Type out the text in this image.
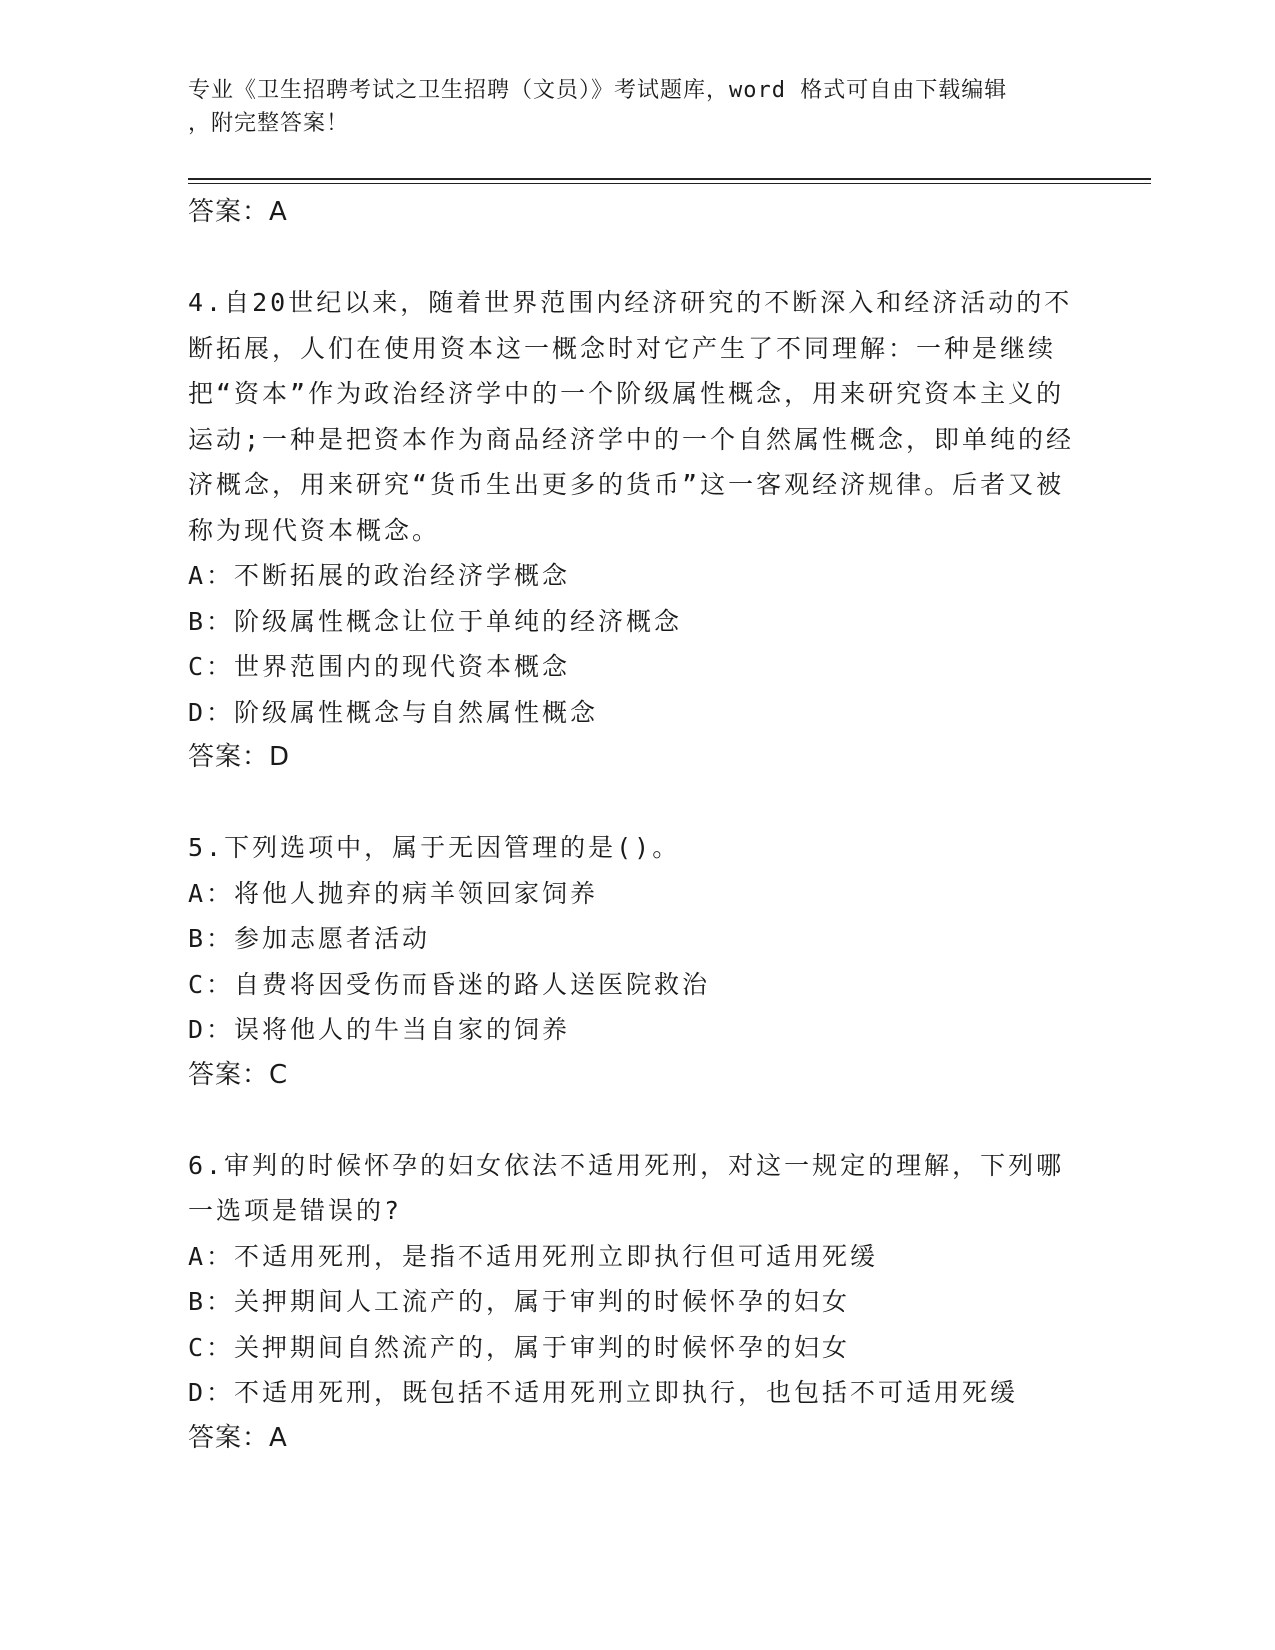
专业《卫生招聘考试之卫生招聘（文员）》考试题库，word 格式可自由下载编辑
，附完整答案！
答案：A
4.自20世纪以来，随着世界范围内经济研究的不断深入和经济活动的不断拓展，人们在使用资本这一概念时对它产生了不同理解：一种是继续把“资本”作为政治经济学中的一个阶级属性概念，用来研究资本主义的运动;一种是把资本作为商品经济学中的一个自然属性概念，即单纯的经济概念，用来研究“货币生出更多的货币”这一客观经济规律。后者又被称为现代资本概念。
A：不断拓展的政治经济学概念
B：阶级属性概念让位于单纯的经济概念
C：世界范围内的现代资本概念
D：阶级属性概念与自然属性概念
答案：D
5.下列选项中，属于无因管理的是()。
A：将他人抛弃的病羊领回家饲养
B：参加志愿者活动
C：自费将因受伤而昏迷的路人送医院救治
D：误将他人的牛当自家的饲养
答案：C
6.审判的时候怀孕的妇女依法不适用死刑，对这一规定的理解，下列哪一选项是错误的?
A：不适用死刑，是指不适用死刑立即执行但可适用死缓
B：关押期间人工流产的，属于审判的时候怀孕的妇女
C：关押期间自然流产的，属于审判的时候怀孕的妇女
D：不适用死刑，既包括不适用死刑立即执行，也包括不可适用死缓
答案：A
